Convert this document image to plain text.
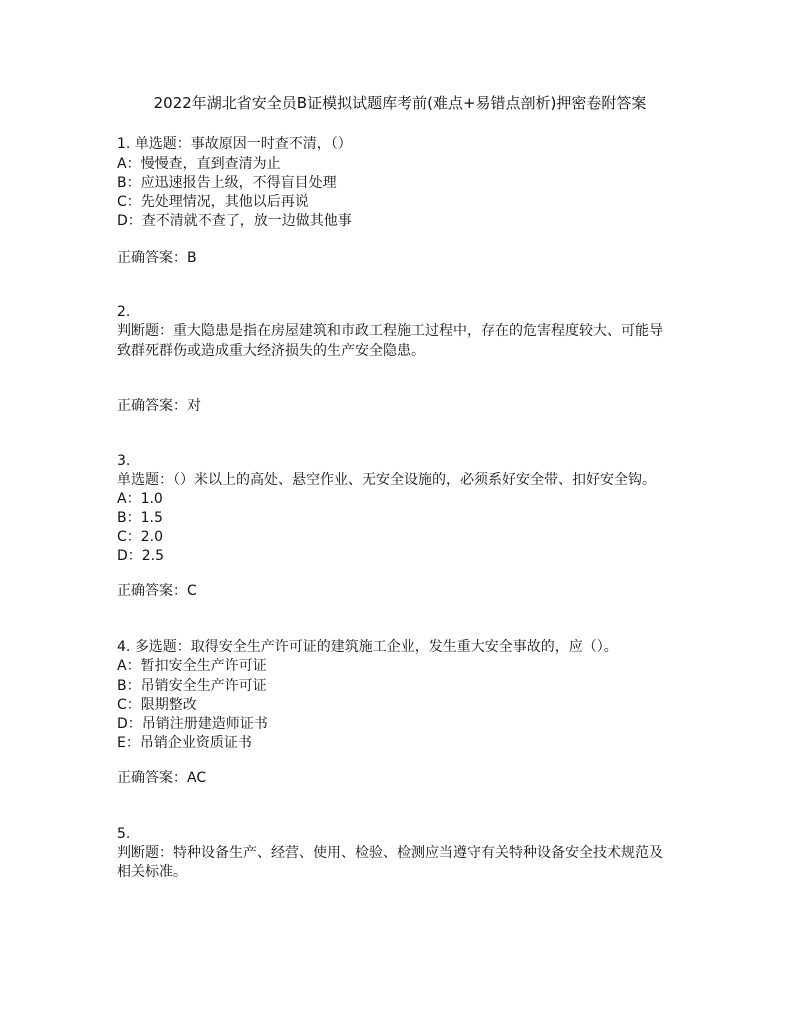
2022年湖北省安全员B证模拟试题库考前(难点+易错点剖析)押密卷附答案
1. 单选题：事故原因一时查不清，（）
A：慢慢查，直到查清为止
B：应迅速报告上级，不得盲目处理
C：先处理情况，其他以后再说
D：查不清就不查了，放一边做其他事
正确答案：B
2.
判断题：重大隐患是指在房屋建筑和市政工程施工过程中，存在的危害程度较大、可能导
致群死群伤或造成重大经济损失的生产安全隐患。
正确答案：对
3.
单选题：（）米以上的高处、悬空作业、无安全设施的，必须系好安全带、扣好安全钩。
A：1.0
B：1.5
C：2.0
D：2.5
正确答案：C
4. 多选题：取得安全生产许可证的建筑施工企业，发生重大安全事故的，应（）。
A：暂扣安全生产许可证
B：吊销安全生产许可证
C：限期整改
D：吊销注册建造师证书
E：吊销企业资质证书
正确答案：AC
5.
判断题：特种设备生产、经营、使用、检验、检测应当遵守有关特种设备安全技术规范及
相关标准。
